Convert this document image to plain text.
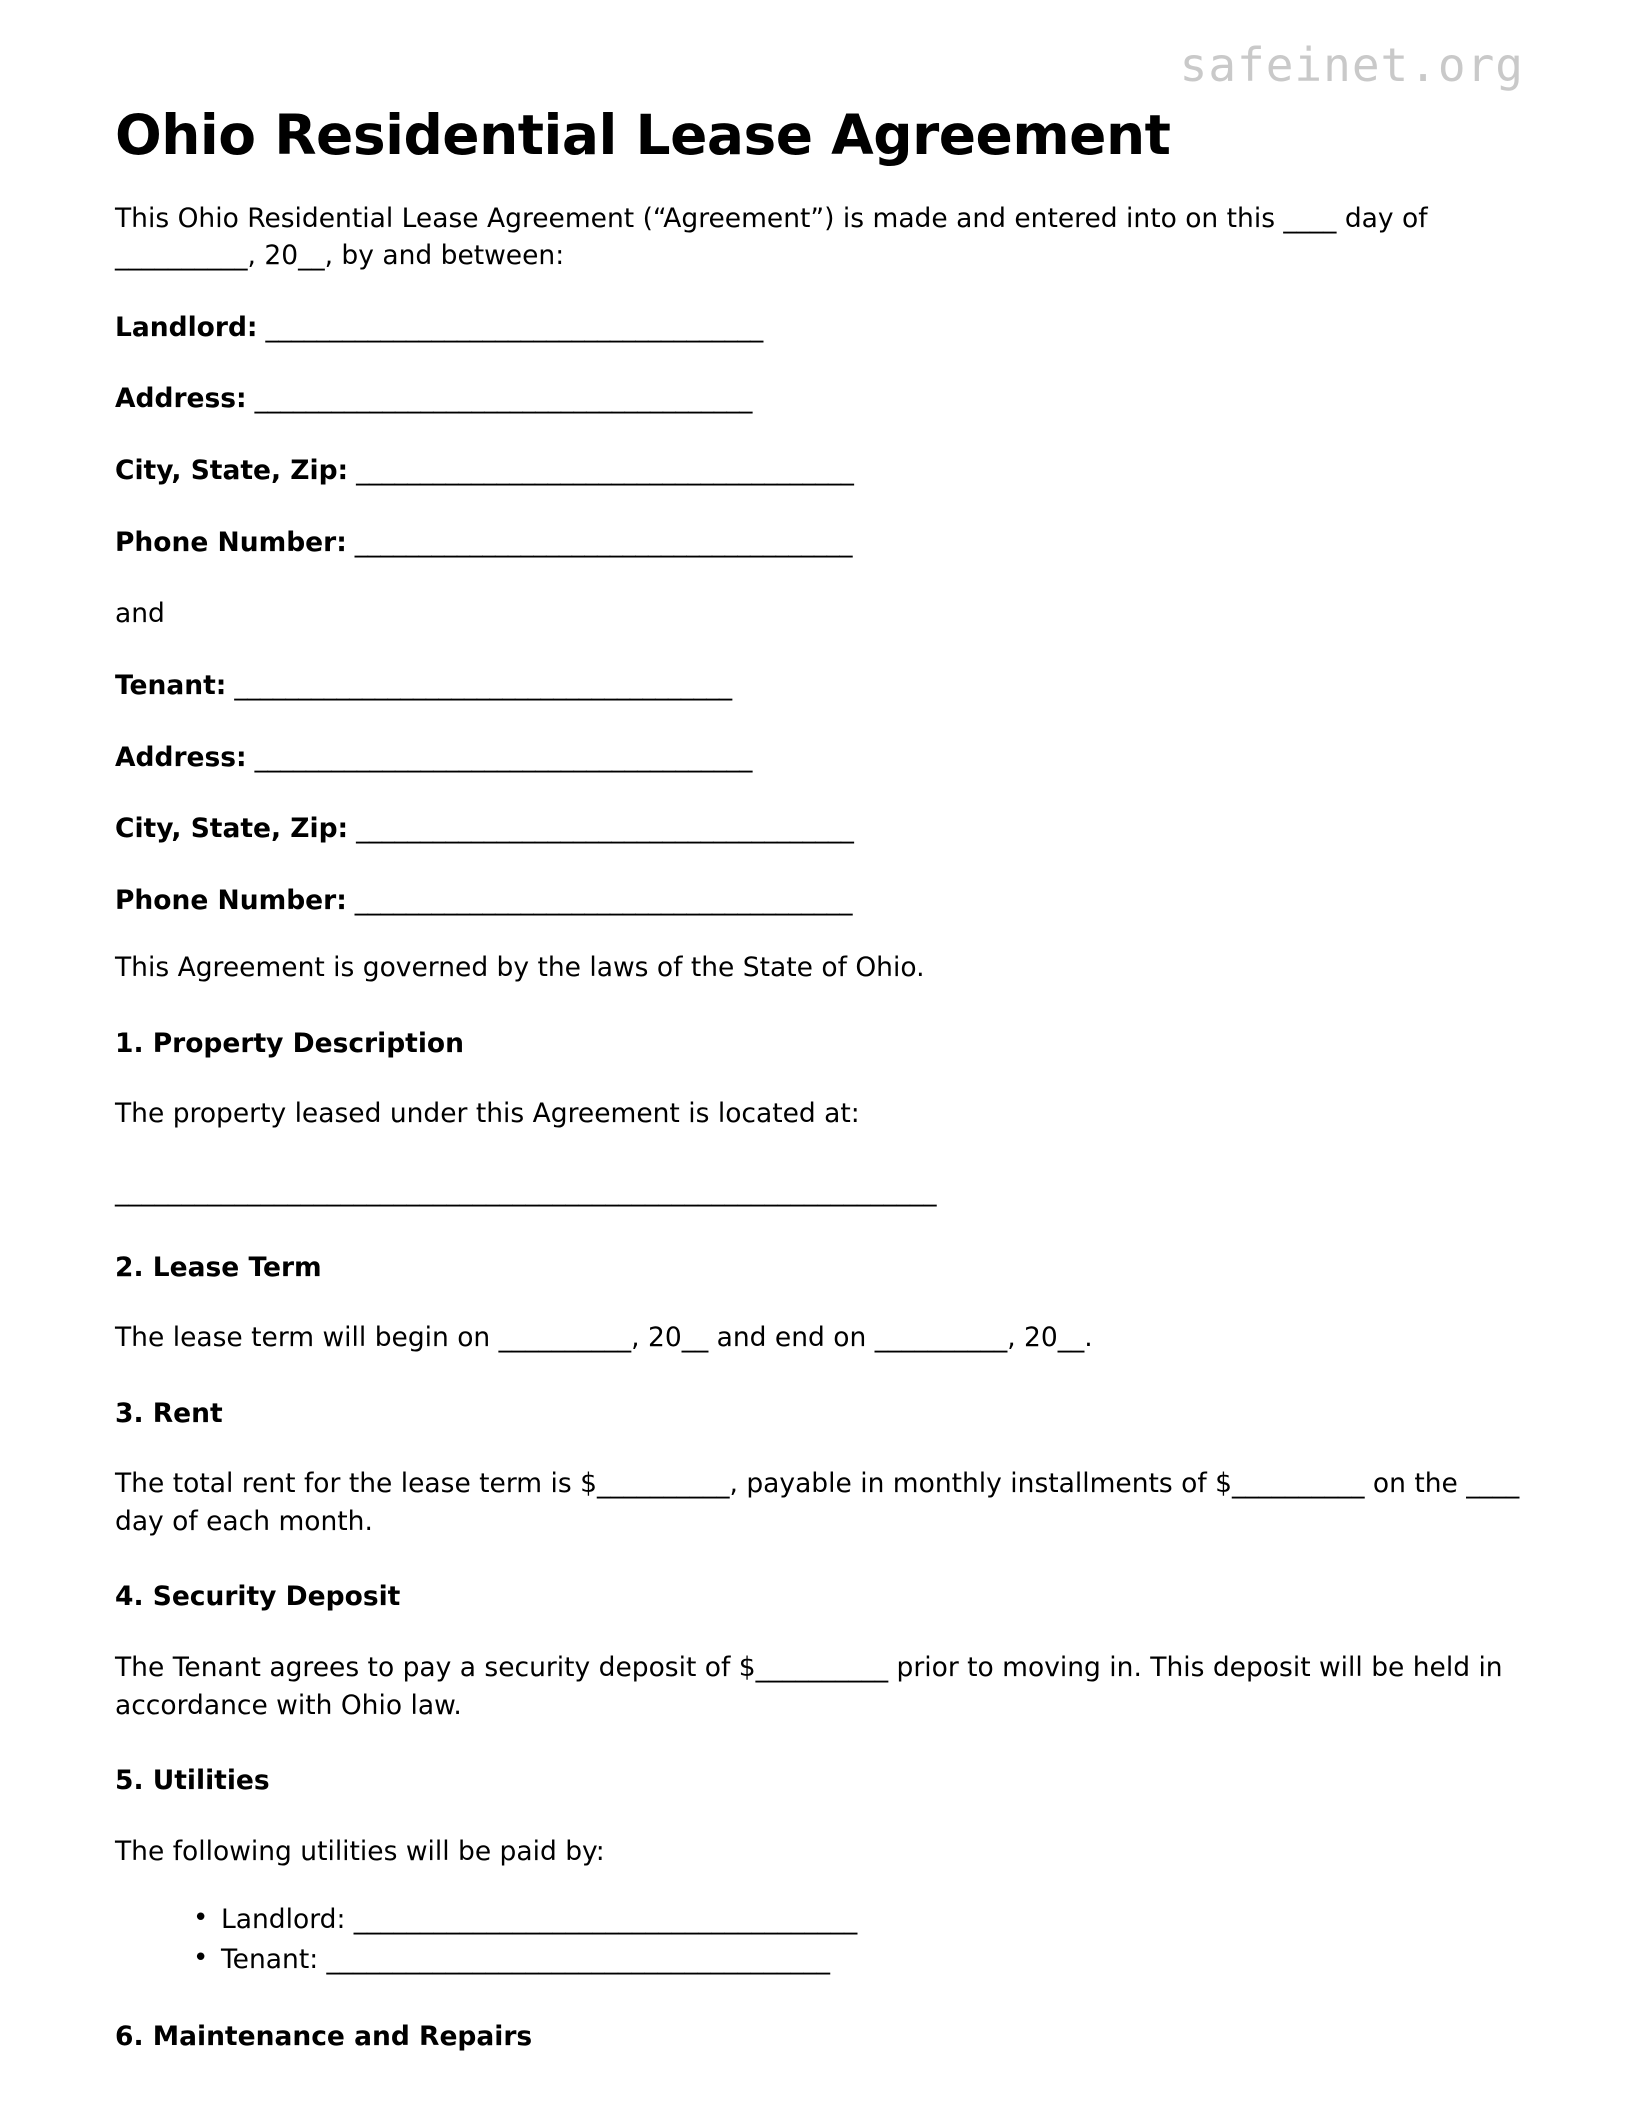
safeinet.org
Ohio Residential Lease Agreement

This Ohio Residential Lease Agreement (“Agreement”) is made and entered into on this ____ day of __________, 20__, by and between:

Landlord: _______________________________________

Address: _______________________________________

City, State, Zip: _______________________________________

Phone Number: _______________________________________

and

Tenant: _______________________________________

Address: _______________________________________

City, State, Zip: _______________________________________

Phone Number: _______________________________________

This Agreement is governed by the laws of the State of Ohio.

1. Property Description

The property leased under this Agreement is located at:

______________________________________________________________

2. Lease Term

The lease term will begin on __________, 20__ and end on __________, 20__.

3. Rent

The total rent for the lease term is $__________, payable in monthly installments of $__________ on the ____ day of each month.

4. Security Deposit

The Tenant agrees to pay a security deposit of $__________ prior to moving in. This deposit will be held in accordance with Ohio law.

5. Utilities

The following utilities will be paid by:

• Landlord: ______________________________________
• Tenant: ______________________________________
6. Maintenance and Repairs
